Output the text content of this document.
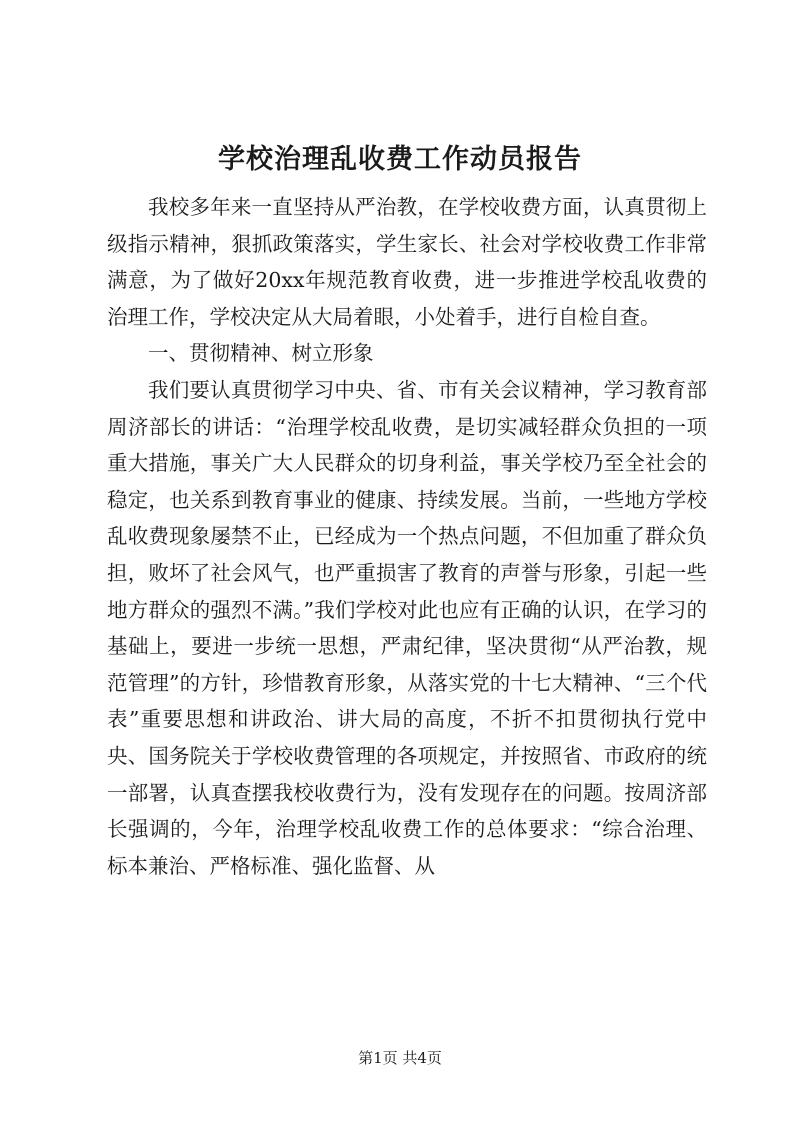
学校治理乱收费工作动员报告

我校多年来一直坚持从严治教，在学校收费方面，认真贯彻上级指示精神，狠抓政策落实，学生家长、社会对学校收费工作非常满意，为了做好20xx年规范教育收费，进一步推进学校乱收费的治理工作，学校决定从大局着眼，小处着手，进行自检自查。

一、贯彻精神、树立形象

我们要认真贯彻学习中央、省、市有关会议精神，学习教育部周济部长的讲话：“治理学校乱收费，是切实减轻群众负担的一项重大措施，事关广大人民群众的切身利益，事关学校乃至全社会的稳定，也关系到教育事业的健康、持续发展。当前，一些地方学校乱收费现象屡禁不止，已经成为一个热点问题，不但加重了群众负担，败坏了社会风气，也严重损害了教育的声誉与形象，引起一些地方群众的强烈不满。”我们学校对此也应有正确的认识，在学习的基础上，要进一步统一思想，严肃纪律，坚决贯彻“从严治教，规范管理”的方针，珍惜教育形象，从落实党的十七大精神、“三个代表”重要思想和讲政治、讲大局的高度，不折不扣贯彻执行党中央、国务院关于学校收费管理的各项规定，并按照省、市政府的统一部署，认真查摆我校收费行为，没有发现存在的问题。按周济部长强调的，今年，治理学校乱收费工作的总体要求：“综合治理、标本兼治、严格标准、强化监督、从

第1页 共4页
